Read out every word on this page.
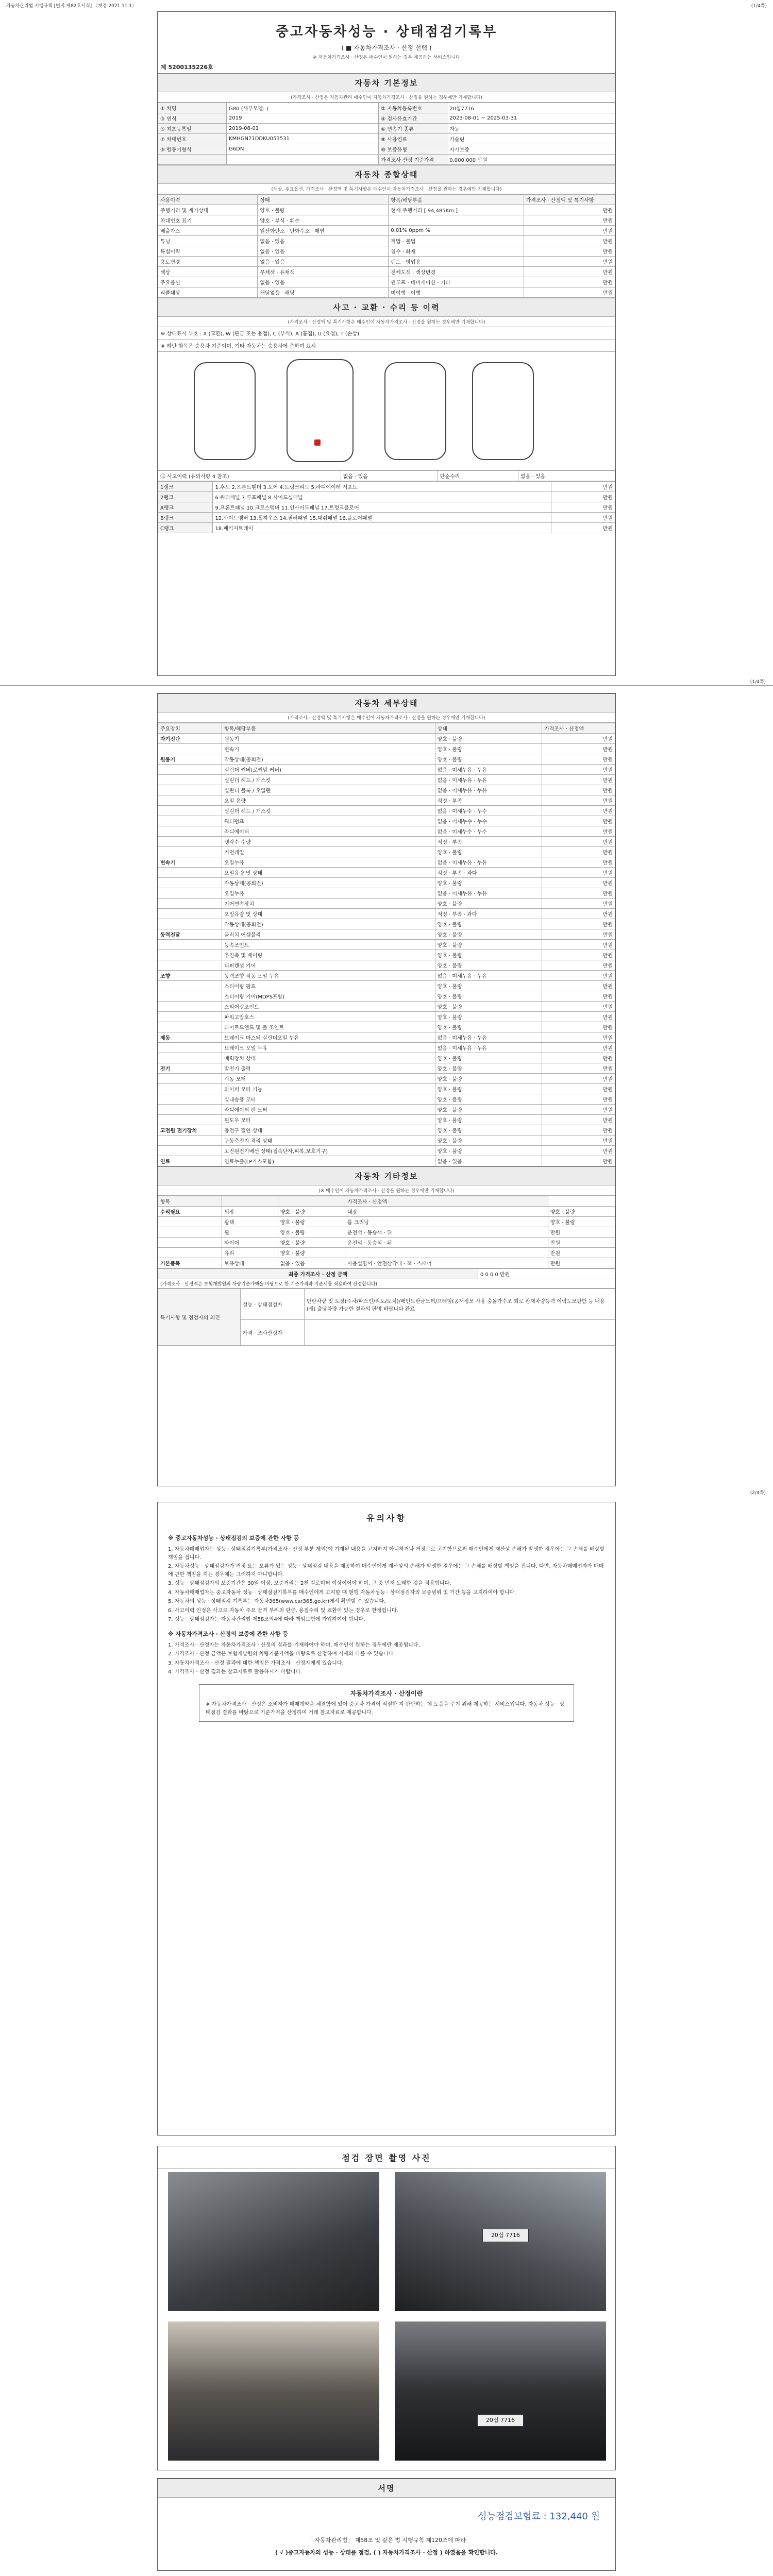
자동차관리법 시행규칙 [별지 제82호서식] 〈개정 2021.11.1〉	(1/4쪽)
중고자동차성능 · 상태점검기록부
( ■ 자동차가격조사 · 산정 선택 )
※ 자동차가격조사 · 산정은 매수인이 원하는 경우 제공하는 서비스입니다
제 5200135226호
자동차 기본정보
(가격조사 · 산정은 자동차관리 매수인이 자동차가격조사 · 산정을 원하는 경우에만 기재합니다)
① 차명	G80 (세부모델: )	② 자동차등록번호	20십7716
③ 연식	2019	④ 검사유효기간	2023-08-01 ~ 2025-03-31
⑤ 최초등록일	2019-08-01	⑥ 변속기 종류	자동
⑦ 차대번호	KMHGN71DDKU053531	⑧ 사용연료	가솔린
⑨ 원동기형식	G6DN	⑩ 보증유형	자가보증
		가격조사 산정 기준가격	0,000,000 만원
자동차 종합상태
(색상, 주요옵션, 가격조사 · 산정액 및 특기사항은 매수인이 자동차가격조사 · 산정을 원하는 경우에만 기재합니다)
사용이력	상태	항목/해당부품	가격조사 · 산정액 및 특기사항
주행거리 및 계기상태	양호 · 불량	현재 주행거리 [ 94,485Km ]	만원
차대번호 표기	양호 · 부식 · 훼손		만원
배출가스	일산화탄소 · 탄화수소 · 매연	0.01% 0ppm %	만원
튜닝	없음 · 있음	적법 · 불법	만원
특별이력	없음 · 있음	침수 · 화재	만원
용도변경	없음 · 있음	렌트 · 영업용	만원
색상	무채색 · 유채색	전체도색 · 색상변경	만원
주요옵션	없음 · 있음	썬루프 · 네비게이션 · 기타	만원
리콜대상	해당없음 · 해당	미이행 · 이행	만원
사고 · 교환 · 수리 등 이력
(가격조사 · 산정액 및 특기사항은 매수인이 자동차가격조사 · 산정을 원하는 경우에만 기재합니다)
※ 상태표시 부호 : X (교환), W (판금 또는 용접), C (부식), A (흠집), U (요철), T (손상)
※ 하단 항목은 승용차 기준이며, 기타 자동차는 승용차에 준하여 표시
⑫ 사고이력 (유의사항 4 참조)	없음 · 있음	단순수리	없음 · 있음
1랭크	1.후드 2.프론트휀더 3.도어 4.트렁크리드 5.라디에이터 서포트	만원
2랭크	6.쿼터패널 7.루프패널 8.사이드실패널	만원
A랭크	9.프론트패널 10.크로스멤버 11.인사이드패널 17.트렁크플로어	만원
B랭크	12.사이드멤버 13.휠하우스 14.필러패널 15.대쉬패널 16.플로어패널	만원
C랭크	18.패키지트레이	만원
(1/4쪽)
자동차 세부상태
(가격조사 · 산정액 및 특기사항은 매수인이 자동차가격조사 · 산정을 원하는 경우에만 기재합니다)
주요장치	항목/해당부품	상태	가격조사 · 산정액
자기진단	원동기	양호 · 불량	만원
	변속기	양호 · 불량	만원
원동기	작동상태(공회전)	양호 · 불량	만원
	실린더 커버(로커암 커버)	없음 · 미세누유 · 누유	만원
	실린더 헤드 / 개스킷	없음 · 미세누유 · 누유	만원
	실린더 블록 / 오일팬	없음 · 미세누유 · 누유	만원
	오일 유량	적정 · 부족	만원
	실린더 헤드 / 개스킷	없음 · 미세누수 · 누수	만원
	워터펌프	없음 · 미세누수 · 누수	만원
	라디에이터	없음 · 미세누수 · 누수	만원
	냉각수 수량	적정 · 부족	만원
	커먼레일	양호 · 불량	만원
변속기	오일누유	없음 · 미세누유 · 누유	만원
	오일유량 및 상태	적정 · 부족 · 과다	만원
	작동상태(공회전)	양호 · 불량	만원
	오일누유	없음 · 미세누유 · 누유	만원
	기어변속장치	양호 · 불량	만원
	오일유량 및 상태	적정 · 부족 · 과다	만원
	작동상태(공회전)	양호 · 불량	만원
동력전달	클러치 어셈블리	양호 · 불량	만원
	등속조인트	양호 · 불량	만원
	추진축 및 베어링	양호 · 불량	만원
	디퍼렌셜 기어	양호 · 불량	만원
조향	동력조향 작동 오일 누유	없음 · 미세누유 · 누유	만원
	스티어링 펌프	양호 · 불량	만원
	스티어링 기어(MDPS포함)	양호 · 불량	만원
	스티어링조인트	양호 · 불량	만원
	파워고압호스	양호 · 불량	만원
	타이로드엔드 및 볼 조인트	양호 · 불량	만원
제동	브레이크 마스터 실린더오일 누유	없음 · 미세누유 · 누유	만원
	브레이크 오일 누유	없음 · 미세누유 · 누유	만원
	배력장치 상태	양호 · 불량	만원
전기	발전기 출력	양호 · 불량	만원
	시동 모터	양호 · 불량	만원
	와이퍼 모터 기능	양호 · 불량	만원
	실내송풍 모터	양호 · 불량	만원
	라디에이터 팬 모터	양호 · 불량	만원
	윈도우 모터	양호 · 불량	만원
고전원 전기장치	충전구 절연 상태	양호 · 불량	만원
	구동축전지 격리 상태	양호 · 불량	만원
	고전원전기배선 상태(접속단자,피복,보호기구)	양호 · 불량	만원
연료	연료누출(LP가스포함)	없음 · 있음	만원
자동차 기타정보
(※ 매수인이 자동차가격조사 · 산정을 원하는 경우에만 기재합니다)
항목			가격조사 · 산정액	
수리필요	외장	양호 · 불량	내장	양호 · 불량
	광택	양호 · 불량	룸 크리닝	양호 · 불량
	휠	양호 · 불량	운전석 · 동승석 · 뒤	만원
	타이어	양호 · 불량	운전석 · 동승석 · 뒤	만원
	유리	양호 · 불량		만원
기본품목	보유상태	없음 · 있음	사용설명서 · 안전삼각대 · 잭 · 스패너	만원
최종 가격조사 · 산정 금액	0 0 0 0 만원
(가격조사 · 산정액은 보험개발원의 차량기준가액을 바탕으로 한 기준가격과 기준서를 적용하여 산정합니다)
특기사항 및 점검자의 의견	성능 · 상태점검자	단판차량 및 도장(주차/파스인/리도/도치)/배인트판금모터/프레임(공재정모 사용 충돌가수조 회로 판재차량등력 이력도모판함 등 내용(세) 출당차량 가능한 결과의 판명 바랍니다 완료
	가격 · 조사산정자	
(2/4쪽)
유의사항
※ 중고자동차성능 · 상태점검의 보증에 관한 사항 등

1. 자동차매매업자는 성능 · 상태점검기록부(가격조사 · 산정 부분 제외)에 기재된 내용을 고지하지 아니하거나 거짓으로 고지함으로써 매수인에게 재산상 손해가 발생한 경우에는 그 손해를 배상할 책임을 집니다.

2. 자동차성능 · 상태점검자가 거짓 또는 오류가 있는 성능 · 상태점검 내용을 제공하여 매수인에게 재산상의 손해가 발생한 경우에는 그 손해를 배상할 책임을 집니다. 다만, 자동차매매업자가 매매에 관한 책임을 지는 경우에는 그러하지 아니합니다.

3. 성능 · 상태점검자의 보증기간은 30일 이상, 보증거리는 2천 킬로미터 이상이어야 하며, 그 중 먼저 도래한 것을 적용합니다.

4. 자동차매매업자는 중고자동차 성능 · 상태점검기록부를 매수인에게 고지할 때 현행 자동차성능 · 상태점검자의 보증범위 및 기간 등을 고지하여야 합니다.

5. 자동차의 성능 · 상태점검 기록부는 자동차365(www.car365.go.kr)에서 확인할 수 있습니다.

6. 사고이력 인정은 사고로 자동차 주요 골격 부위의 판금, 용접수리 및 교환이 있는 경우로 한정합니다.

7. 성능 · 상태점검자는 자동차관리법 제58조의4에 따라 책임보험에 가입하여야 합니다.

※ 자동차가격조사 · 산정의 보증에 관한 사항 등

1. 가격조사 · 산정자는 자동차가격조사 · 산정의 결과를 기재하여야 하며, 매수인이 원하는 경우에만 제공됩니다.

2. 가격조사 · 산정 금액은 보험개발원의 차량기준가액을 바탕으로 산정하며 시세와 다를 수 있습니다.

3. 자동차가격조사 · 산정 결과에 대한 책임은 가격조사 · 산정자에게 있습니다.

4. 가격조사 · 산정 결과는 참고자료로 활용하시기 바랍니다.

자동차가격조사 · 산정이란
※ 자동차가격조사 · 산정은 소비자가 매매계약을 체결함에 있어 중고차 가격이 적절한 지 판단하는 데 도움을 주기 위해 제공하는 서비스입니다. 자동차 성능 · 상태점검 결과를 바탕으로 기준가격을 산정하여 거래 참고자료로 제공합니다.
점검 장면 촬영 사진
20십 7716
20십 7716
서명
성능점검보험료 : 132,440 원
「 자동차관리법」 제58조 및 같은 법 시행규칙 제120조에 따라
( √ )중고자동차의 성능 · 상태를 점검, ( ) 자동차가격조사 · 산정 ) 하였음을 확인합니다.
